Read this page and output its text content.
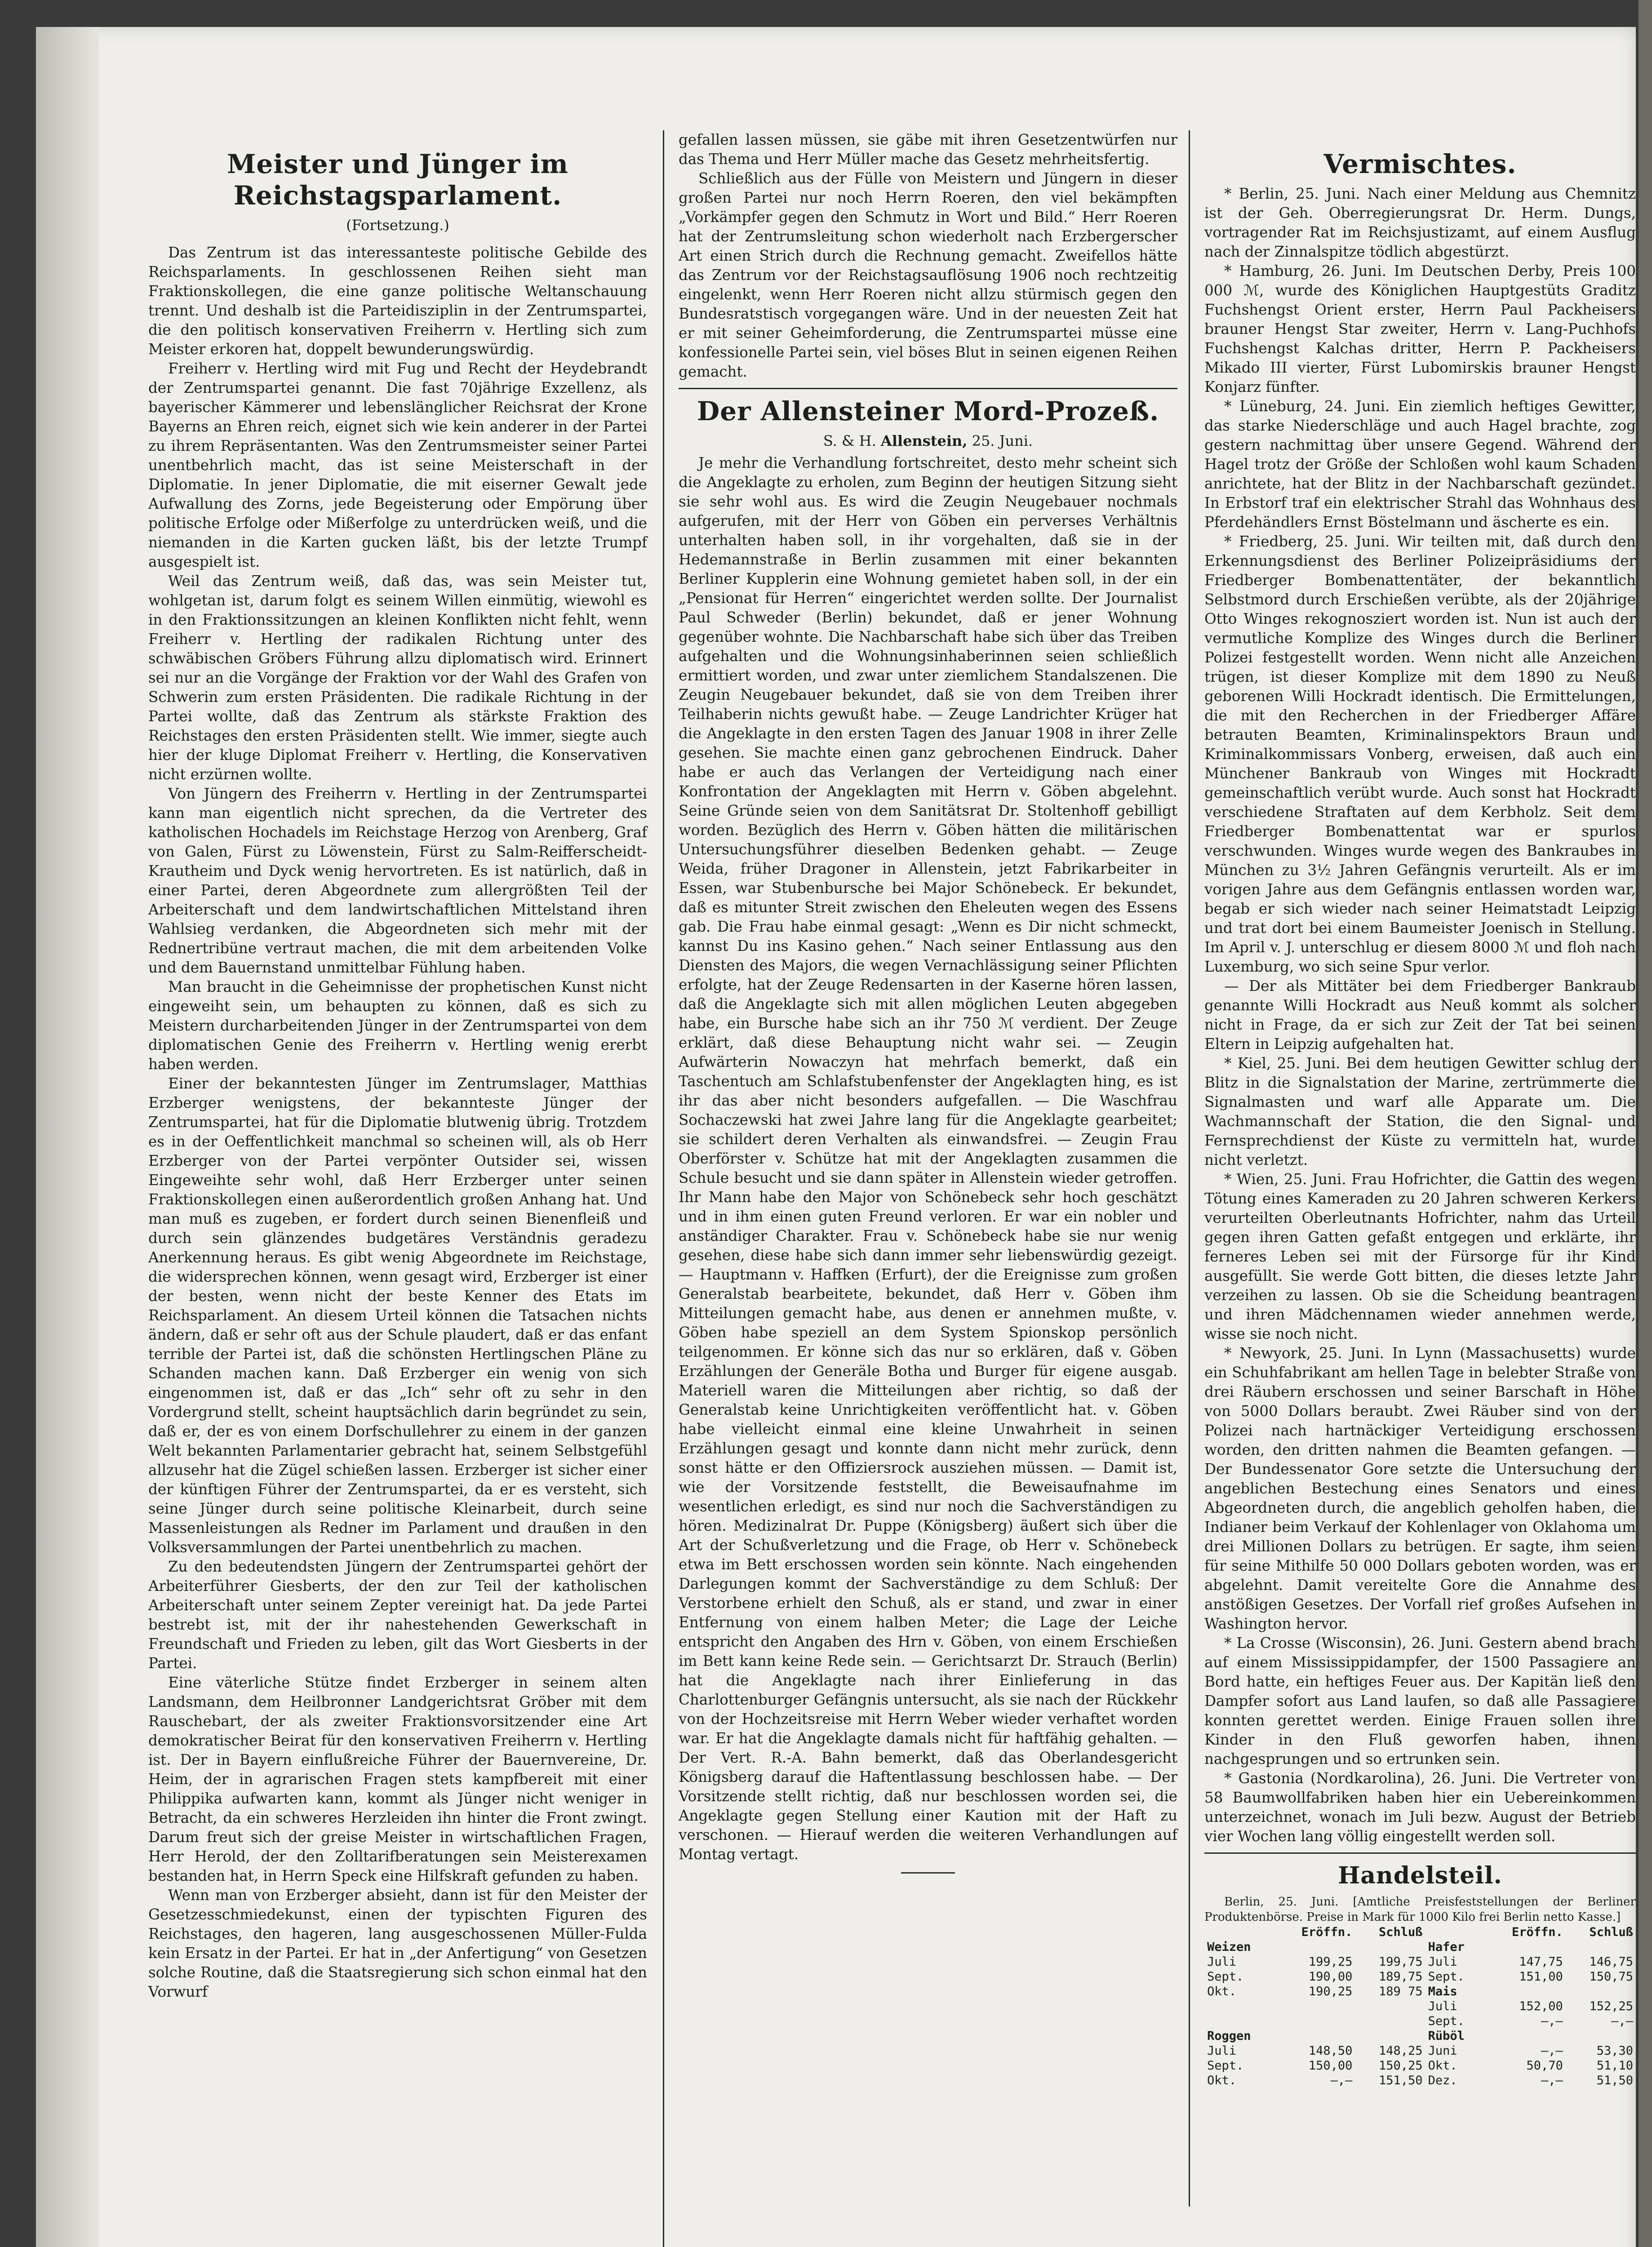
Meister und Jünger im Reichstagsparlament.
(Fortsetzung.)

Das Zentrum ist das interessanteste politische Gebilde des Reichsparlaments. In geschlossenen Reihen sieht man Fraktionskollegen, die eine ganze politische Weltanschauung trennt. Und deshalb ist die Parteidisziplin in der Zentrumspartei, die den politisch konservativen Freiherrn v. Hertling sich zum Meister erkoren hat, doppelt bewunderungswürdig.

Freiherr v. Hertling wird mit Fug und Recht der Heydebrandt der Zentrumspartei genannt. Die fast 70jährige Exzellenz, als bayerischer Kämmerer und lebenslänglicher Reichsrat der Krone Bayerns an Ehren reich, eignet sich wie kein anderer in der Partei zu ihrem Repräsentanten. Was den Zentrumsmeister seiner Partei unentbehrlich macht, das ist seine Meisterschaft in der Diplomatie. In jener Diplomatie, die mit eiserner Gewalt jede Aufwallung des Zorns, jede Begeisterung oder Empörung über politische Erfolge oder Mißerfolge zu unterdrücken weiß, und die niemanden in die Karten gucken läßt, bis der letzte Trumpf ausgespielt ist.

Weil das Zentrum weiß, daß das, was sein Meister tut, wohlgetan ist, darum folgt es seinem Willen einmütig, wiewohl es in den Fraktionssitzungen an kleinen Konflikten nicht fehlt, wenn Freiherr v. Hertling der radikalen Richtung unter des schwäbischen Gröbers Führung allzu diplomatisch wird. Erinnert sei nur an die Vorgänge der Fraktion vor der Wahl des Grafen von Schwerin zum ersten Präsidenten. Die radikale Richtung in der Partei wollte, daß das Zentrum als stärkste Fraktion des Reichstages den ersten Präsidenten stellt. Wie immer, siegte auch hier der kluge Diplomat Freiherr v. Hertling, die Konservativen nicht erzürnen wollte.

Von Jüngern des Freiherrn v. Hertling in der Zentrumspartei kann man eigentlich nicht sprechen, da die Vertreter des katholischen Hochadels im Reichstage Herzog von Arenberg, Graf von Galen, Fürst zu Löwenstein, Fürst zu Salm-Reifferscheidt-Krautheim und Dyck wenig hervortreten. Es ist natürlich, daß in einer Partei, deren Abgeordnete zum allergrößten Teil der Arbeiterschaft und dem landwirtschaftlichen Mittelstand ihren Wahlsieg verdanken, die Abgeordneten sich mehr mit der Rednertribüne vertraut machen, die mit dem arbeitenden Volke und dem Bauernstand unmittelbar Fühlung haben.

Man braucht in die Geheimnisse der prophetischen Kunst nicht eingeweiht sein, um behaupten zu können, daß es sich zu Meistern durcharbeitenden Jünger in der Zentrumspartei von dem diplomatischen Genie des Freiherrn v. Hertling wenig ererbt haben werden.

Einer der bekanntesten Jünger im Zentrumslager, Matthias Erzberger wenigstens, der bekannteste Jünger der Zentrumspartei, hat für die Diplomatie blutwenig übrig. Trotzdem es in der Oeffentlichkeit manchmal so scheinen will, als ob Herr Erzberger von der Partei verpönter Outsider sei, wissen Eingeweihte sehr wohl, daß Herr Erzberger unter seinen Fraktionskollegen einen außerordentlich großen Anhang hat. Und man muß es zugeben, er fordert durch seinen Bienenfleiß und durch sein glänzendes budgetäres Verständnis geradezu Anerkennung heraus. Es gibt wenig Abgeordnete im Reichstage, die widersprechen können, wenn gesagt wird, Erzberger ist einer der besten, wenn nicht der beste Kenner des Etats im Reichsparlament. An diesem Urteil können die Tatsachen nichts ändern, daß er sehr oft aus der Schule plaudert, daß er das enfant terrible der Partei ist, daß die schönsten Hertlingschen Pläne zu Schanden machen kann. Daß Erzberger ein wenig von sich eingenommen ist, daß er das „Ich“ sehr oft zu sehr in den Vordergrund stellt, scheint hauptsächlich darin begründet zu sein, daß er, der es von einem Dorfschullehrer zu einem in der ganzen Welt bekannten Parlamentarier gebracht hat, seinem Selbstgefühl allzusehr hat die Zügel schießen lassen. Erzberger ist sicher einer der künftigen Führer der Zentrumspartei, da er es versteht, sich seine Jünger durch seine politische Kleinarbeit, durch seine Massenleistungen als Redner im Parlament und draußen in den Volksversammlungen der Partei unentbehrlich zu machen.

Zu den bedeutendsten Jüngern der Zentrumspartei gehört der Arbeiterführer Giesberts, der den zur Teil der katholischen Arbeiterschaft unter seinem Zepter vereinigt hat. Da jede Partei bestrebt ist, mit der ihr nahestehenden Gewerkschaft in Freundschaft und Frieden zu leben, gilt das Wort Giesberts in der Partei.

Eine väterliche Stütze findet Erzberger in seinem alten Landsmann, dem Heilbronner Landgerichtsrat Gröber mit dem Rauschebart, der als zweiter Fraktionsvorsitzender eine Art demokratischer Beirat für den konservativen Freiherrn v. Hertling ist. Der in Bayern einflußreiche Führer der Bauernvereine, Dr. Heim, der in agrarischen Fragen stets kampfbereit mit einer Philippika aufwarten kann, kommt als Jünger nicht weniger in Betracht, da ein schweres Herzleiden ihn hinter die Front zwingt. Darum freut sich der greise Meister in wirtschaftlichen Fragen, Herr Herold, der den Zolltarifberatungen sein Meisterexamen bestanden hat, in Herrn Speck eine Hilfskraft gefunden zu haben.

Wenn man von Erzberger absieht, dann ist für den Meister der Gesetzesschmiedekunst, einen der typischten Figuren des Reichstages, den hageren, lang ausgeschossenen Müller-Fulda kein Ersatz in der Partei. Er hat in „der Anfertigung“ von Gesetzen solche Routine, daß die Staatsregierung sich schon einmal hat den Vorwurf

gefallen lassen müssen, sie gäbe mit ihren Gesetzentwürfen nur das Thema und Herr Müller mache das Gesetz mehrheitsfertig.

Schließlich aus der Fülle von Meistern und Jüngern in dieser großen Partei nur noch Herrn Roeren, den viel bekämpften „Vorkämpfer gegen den Schmutz in Wort und Bild.“ Herr Roeren hat der Zentrumsleitung schon wiederholt nach Erzbergerscher Art einen Strich durch die Rechnung gemacht. Zweifellos hätte das Zentrum vor der Reichstagsauflösung 1906 noch rechtzeitig eingelenkt, wenn Herr Roeren nicht allzu stürmisch gegen den Bundesratstisch vorgegangen wäre. Und in der neuesten Zeit hat er mit seiner Geheimforderung, die Zentrumspartei müsse eine konfessionelle Partei sein, viel böses Blut in seinen eigenen Reihen gemacht.

Der Allensteiner Mord-Prozeß.
S. & H. Allenstein, 25. Juni.

Je mehr die Verhandlung fortschreitet, desto mehr scheint sich die Angeklagte zu erholen, zum Beginn der heutigen Sitzung sieht sie sehr wohl aus. Es wird die Zeugin Neugebauer nochmals aufgerufen, mit der Herr von Göben ein perverses Verhältnis unterhalten haben soll, in ihr vorgehalten, daß sie in der Hedemannstraße in Berlin zusammen mit einer bekannten Berliner Kupplerin eine Wohnung gemietet haben soll, in der ein „Pensionat für Herren“ eingerichtet werden sollte. Der Journalist Paul Schweder (Berlin) bekundet, daß er jener Wohnung gegenüber wohnte. Die Nachbarschaft habe sich über das Treiben aufgehalten und die Wohnungsinhaberinnen seien schließlich ermittiert worden, und zwar unter ziemlichem Standalszenen. Die Zeugin Neugebauer bekundet, daß sie von dem Treiben ihrer Teilhaberin nichts gewußt habe. — Zeuge Landrichter Krüger hat die Angeklagte in den ersten Tagen des Januar 1908 in ihrer Zelle gesehen. Sie machte einen ganz gebrochenen Eindruck. Daher habe er auch das Verlangen der Verteidigung nach einer Konfrontation der Angeklagten mit Herrn v. Göben abgelehnt. Seine Gründe seien von dem Sanitätsrat Dr. Stoltenhoff gebilligt worden. Bezüglich des Herrn v. Göben hätten die militärischen Untersuchungsführer dieselben Bedenken gehabt. — Zeuge Weida, früher Dragoner in Allenstein, jetzt Fabrikarbeiter in Essen, war Stubenbursche bei Major Schönebeck. Er bekundet, daß es mitunter Streit zwischen den Eheleuten wegen des Essens gab. Die Frau habe einmal gesagt: „Wenn es Dir nicht schmeckt, kannst Du ins Kasino gehen.“ Nach seiner Entlassung aus den Diensten des Majors, die wegen Vernachlässigung seiner Pflichten erfolgte, hat der Zeuge Redensarten in der Kaserne hören lassen, daß die Angeklagte sich mit allen möglichen Leuten abgegeben habe, ein Bursche habe sich an ihr 750 ℳ verdient. Der Zeuge erklärt, daß diese Behauptung nicht wahr sei. — Zeugin Aufwärterin Nowaczyn hat mehrfach bemerkt, daß ein Taschentuch am Schlafstubenfenster der Angeklagten hing, es ist ihr das aber nicht besonders aufgefallen. — Die Waschfrau Sochaczewski hat zwei Jahre lang für die Angeklagte gearbeitet; sie schildert deren Verhalten als einwandsfrei. — Zeugin Frau Oberförster v. Schütze hat mit der Angeklagten zusammen die Schule besucht und sie dann später in Allenstein wieder getroffen. Ihr Mann habe den Major von Schönebeck sehr hoch geschätzt und in ihm einen guten Freund verloren. Er war ein nobler und anständiger Charakter. Frau v. Schönebeck habe sie nur wenig gesehen, diese habe sich dann immer sehr liebenswürdig gezeigt. — Hauptmann v. Haffken (Erfurt), der die Ereignisse zum großen Generalstab bearbeitete, bekundet, daß Herr v. Göben ihm Mitteilungen gemacht habe, aus denen er annehmen mußte, v. Göben habe speziell an dem System Spionskop persönlich teilgenommen. Er könne sich das nur so erklären, daß v. Göben Erzählungen der Generäle Botha und Burger für eigene ausgab. Materiell waren die Mitteilungen aber richtig, so daß der Generalstab keine Unrichtigkeiten veröffentlicht hat. v. Göben habe vielleicht einmal eine kleine Unwahrheit in seinen Erzählungen gesagt und konnte dann nicht mehr zurück, denn sonst hätte er den Offiziersrock ausziehen müssen. — Damit ist, wie der Vorsitzende feststellt, die Beweisaufnahme im wesentlichen erledigt, es sind nur noch die Sachverständigen zu hören. Medizinalrat Dr. Puppe (Königsberg) äußert sich über die Art der Schußverletzung und die Frage, ob Herr v. Schönebeck etwa im Bett erschossen worden sein könnte. Nach eingehenden Darlegungen kommt der Sachverständige zu dem Schluß: Der Verstorbene erhielt den Schuß, als er stand, und zwar in einer Entfernung von einem halben Meter; die Lage der Leiche entspricht den Angaben des Hrn v. Göben, von einem Erschießen im Bett kann keine Rede sein. — Gerichtsarzt Dr. Strauch (Berlin) hat die Angeklagte nach ihrer Einlieferung in das Charlottenburger Gefängnis untersucht, als sie nach der Rückkehr von der Hochzeitsreise mit Herrn Weber wieder verhaftet worden war. Er hat die Angeklagte damals nicht für haftfähig gehalten. — Der Vert. R.-A. Bahn bemerkt, daß das Oberlandesgericht Königsberg darauf die Haftentlassung beschlossen habe. — Der Vorsitzende stellt richtig, daß nur beschlossen worden sei, die Angeklagte gegen Stellung einer Kaution mit der Haft zu verschonen. — Hierauf werden die weiteren Verhandlungen auf Montag vertagt.

Vermischtes.

* Berlin, 25. Juni. Nach einer Meldung aus Chemnitz ist der Geh. Oberregierungsrat Dr. Herm. Dungs, vortragender Rat im Reichsjustizamt, auf einem Ausflug nach der Zinnalspitze tödlich abgestürzt.

* Hamburg, 26. Juni. Im Deutschen Derby, Preis 100 000 ℳ, wurde des Königlichen Hauptgestüts Graditz Fuchshengst Orient erster, Herrn Paul Packheisers brauner Hengst Star zweiter, Herrn v. Lang-Puchhofs Fuchshengst Kalchas dritter, Herrn P. Packheisers Mikado III vierter, Fürst Lubomirskis brauner Hengst Konjarz fünfter.

* Lüneburg, 24. Juni. Ein ziemlich heftiges Gewitter, das starke Niederschläge und auch Hagel brachte, zog gestern nachmittag über unsere Gegend. Während der Hagel trotz der Größe der Schloßen wohl kaum Schaden anrichtete, hat der Blitz in der Nachbarschaft gezündet. In Erbstorf traf ein elektrischer Strahl das Wohnhaus des Pferdehändlers Ernst Böstelmann und äscherte es ein.

* Friedberg, 25. Juni. Wir teilten mit, daß durch den Erkennungsdienst des Berliner Polizeipräsidiums der Friedberger Bombenattentäter, der bekanntlich Selbstmord durch Erschießen verübte, als der 20jährige Otto Winges rekognosziert worden ist. Nun ist auch der vermutliche Komplize des Winges durch die Berliner Polizei festgestellt worden. Wenn nicht alle Anzeichen trügen, ist dieser Komplize mit dem 1890 zu Neuß geborenen Willi Hockradt identisch. Die Ermittelungen, die mit den Recherchen in der Friedberger Affäre betrauten Beamten, Kriminalinspektors Braun und Kriminalkommissars Vonberg, erweisen, daß auch ein Münchener Bankraub von Winges mit Hockradt gemeinschaftlich verübt wurde. Auch sonst hat Hockradt verschiedene Straftaten auf dem Kerbholz. Seit dem Friedberger Bombenattentat war er spurlos verschwunden. Winges wurde wegen des Bankraubes in München zu 3½ Jahren Gefängnis verurteilt. Als er im vorigen Jahre aus dem Gefängnis entlassen worden war, begab er sich wieder nach seiner Heimatstadt Leipzig und trat dort bei einem Baumeister Joenisch in Stellung. Im April v. J. unterschlug er diesem 8000 ℳ und floh nach Luxemburg, wo sich seine Spur verlor.

— Der als Mittäter bei dem Friedberger Bankraub genannte Willi Hockradt aus Neuß kommt als solcher nicht in Frage, da er sich zur Zeit der Tat bei seinen Eltern in Leipzig aufgehalten hat.

* Kiel, 25. Juni. Bei dem heutigen Gewitter schlug der Blitz in die Signalstation der Marine, zertrümmerte die Signalmasten und warf alle Apparate um. Die Wachmannschaft der Station, die den Signal- und Fernsprechdienst der Küste zu vermitteln hat, wurde nicht verletzt.

* Wien, 25. Juni. Frau Hofrichter, die Gattin des wegen Tötung eines Kameraden zu 20 Jahren schweren Kerkers verurteilten Oberleutnants Hofrichter, nahm das Urteil gegen ihren Gatten gefaßt entgegen und erklärte, ihr ferneres Leben sei mit der Fürsorge für ihr Kind ausgefüllt. Sie werde Gott bitten, die dieses letzte Jahr verzeihen zu lassen. Ob sie die Scheidung beantragen und ihren Mädchennamen wieder annehmen werde, wisse sie noch nicht.

* Newyork, 25. Juni. In Lynn (Massachusetts) wurde ein Schuhfabrikant am hellen Tage in belebter Straße von drei Räubern erschossen und seiner Barschaft in Höhe von 5000 Dollars beraubt. Zwei Räuber sind von der Polizei nach hartnäckiger Verteidigung erschossen worden, den dritten nahmen die Beamten gefangen. — Der Bundessenator Gore setzte die Untersuchung der angeblichen Bestechung eines Senators und eines Abgeordneten durch, die angeblich geholfen haben, die Indianer beim Verkauf der Kohlenlager von Oklahoma um drei Millionen Dollars zu betrügen. Er sagte, ihm seien für seine Mithilfe 50 000 Dollars geboten worden, was er abgelehnt. Damit vereitelte Gore die Annahme des anstößigen Gesetzes. Der Vorfall rief großes Aufsehen in Washington hervor.

* La Crosse (Wisconsin), 26. Juni. Gestern abend brach auf einem Mississippidampfer, der 1500 Passagiere an Bord hatte, ein heftiges Feuer aus. Der Kapitän ließ den Dampfer sofort aus Land laufen, so daß alle Passagiere konnten gerettet werden. Einige Frauen sollen ihre Kinder in den Fluß geworfen haben, ihnen nachgesprungen und so ertrunken sein.

* Gastonia (Nordkarolina), 26. Juni. Die Vertreter von 58 Baumwollfabriken haben hier ein Uebereinkommen unterzeichnet, wonach im Juli bezw. August der Betrieb vier Wochen lang völlig eingestellt werden soll.

Handelsteil.

Berlin, 25. Juni. [Amtliche Preisfeststellungen der Berliner Produktenbörse. Preise in Mark für 1000 Kilo frei Berlin netto Kasse.]

	Eröffn.	Schluß		Eröffn.	Schluß
Weizen			Hafer		
Juli	199,25	199,75	Juli	147,75	146,75
Sept.	190,00	189,75	Sept.	151,00	150,75
Okt.	190,25	189 75	Mais		
			Juli	152,00	152,25
			Sept.	—,—	—,—
Roggen			Rüböl		
Juli	148,50	148,25	Juni	—,—	53,30
Sept.	150,00	150,25	Okt.	50,70	51,10
Okt.	—,—	151,50	Dez.	—,—	51,50
